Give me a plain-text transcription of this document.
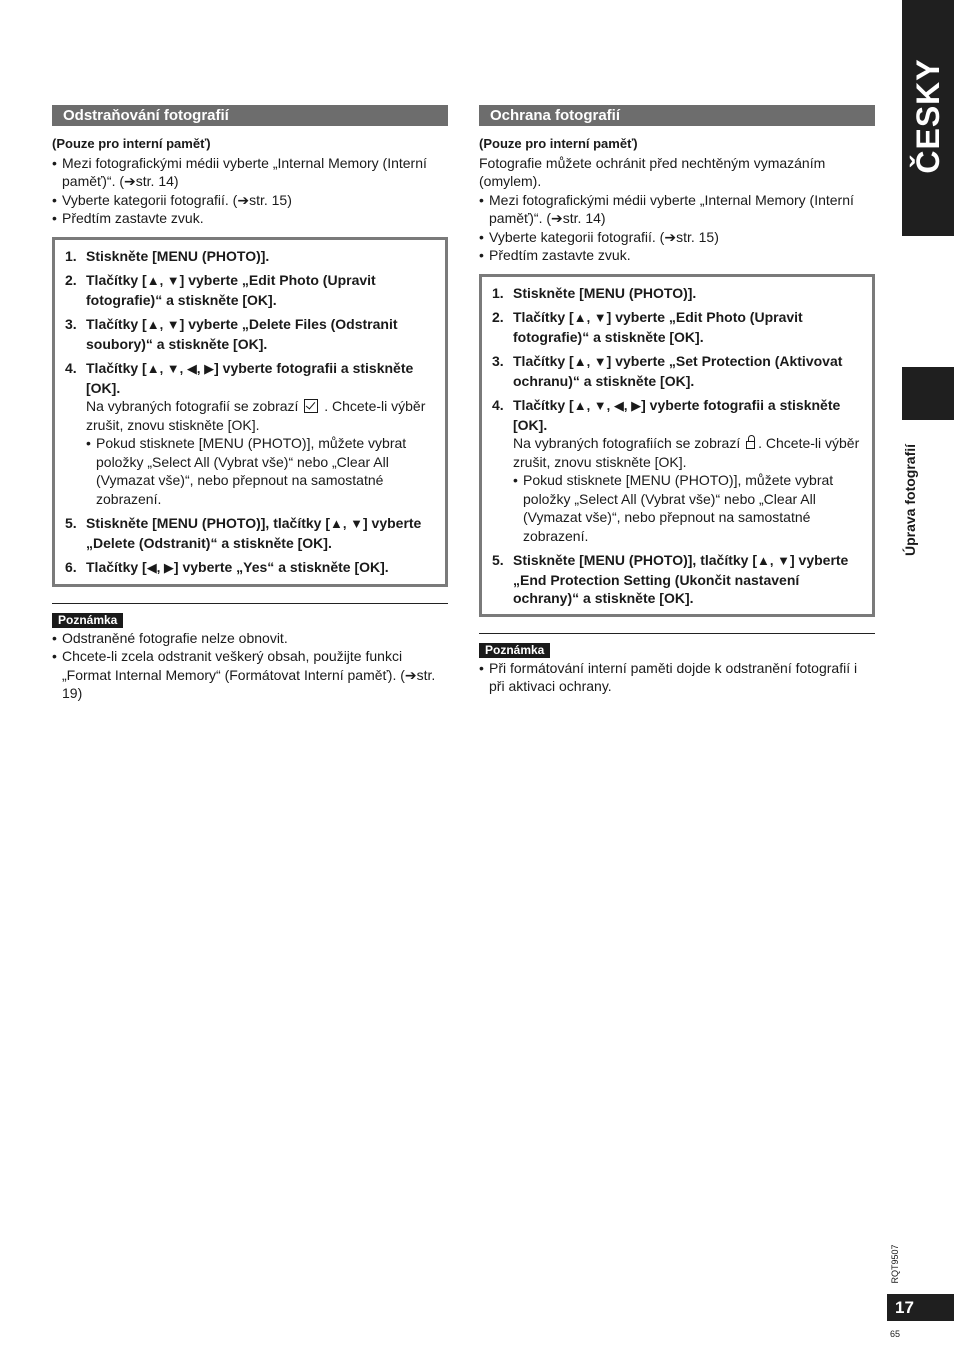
Odstraňování fotografií
(Pouze pro interní paměť)
• Mezi fotografickými médii vyberte „Internal Memory (Interní paměť)“. (➔str. 14)
• Vyberte kategorii fotografií. (➔str. 15)
• Předtím zastavte zvuk.
1. Stiskněte [MENU (PHOTO)].
2. Tlačítky [▲, ▼] vyberte „Edit Photo (Upravit fotografie)“ a stiskněte [OK].
3. Tlačítky [▲, ▼] vyberte „Delete Files (Odstranit soubory)“ a stiskněte [OK].
4. Tlačítky [▲, ▼, ◀, ▶] vyberte fotografii a stiskněte [OK].
Na vybraných fotografií se zobrazí  . Chcete-li výběr zrušit, znovu stiskněte [OK].
• Pokud stisknete [MENU (PHOTO)], můžete vybrat položky „Select All (Vybrat vše)“ nebo „Clear All (Vymazat vše)“, nebo přepnout na samostatné zobrazení.
5. Stiskněte [MENU (PHOTO)], tlačítky [▲, ▼] vyberte „Delete (Odstranit)“ a stiskněte [OK].
6. Tlačítky [◀, ▶] vyberte „Yes“ a stiskněte [OK].
Poznámka
• Odstraněné fotografie nelze obnovit.
• Chcete-li zcela odstranit veškerý obsah, použijte funkci „Format Internal Memory“ (Formátovat Interní paměť). (➔str. 19)
Ochrana fotografií
(Pouze pro interní paměť)
Fotografie můžete ochránit před nechtěným vymazáním (omylem).
• Mezi fotografickými médii vyberte „Internal Memory (Interní paměť)“. (➔str. 14)
• Vyberte kategorii fotografií. (➔str. 15)
• Předtím zastavte zvuk.
1. Stiskněte [MENU (PHOTO)].
2. Tlačítky [▲, ▼] vyberte „Edit Photo (Upravit fotografie)“ a stiskněte [OK].
3. Tlačítky [▲, ▼] vyberte „Set Protection (Aktivovat ochranu)“ a stiskněte [OK].
4. Tlačítky [▲, ▼, ◀, ▶] vyberte fotografii a stiskněte [OK].
Na vybraných fotografiích se zobrazí
. Chcete-li výběr zrušit, znovu stiskněte [OK].
• Pokud stisknete [MENU (PHOTO)], můžete vybrat položky „Select All (Vybrat vše)“ nebo „Clear All (Vymazat vše)“, nebo přepnout na samostatné zobrazení.
5. Stiskněte [MENU (PHOTO)], tlačítky [▲, ▼] vyberte „End Protection Setting (Ukončit nastavení ochrany)“ a stiskněte [OK].
Poznámka
• Při formátování interní paměti dojde k odstranění fotografií i při aktivaci ochrany.
ČESKY
Úprava fotografií
RQT9507
17
65
